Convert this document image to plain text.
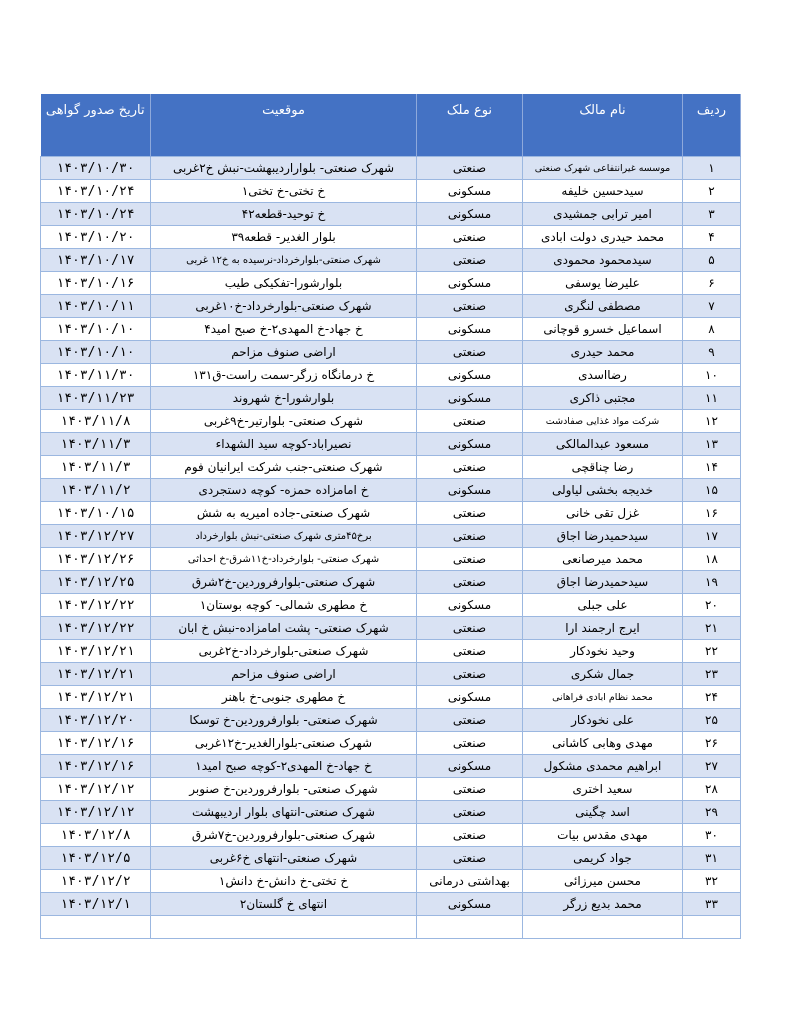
ردیف	نام مالک	نوع ملک	موقعیت	تاریخ صدور گواهی
۱	موسسه غیرانتفاعی شهرک صنعتی	صنعتی	شهرک صنعتی- بلواراردیبهشت-نبش خ۲غربی	۱۴۰۳/۱۰/۳۰
۲	سیدحسین خلیفه	مسکونی	خ تختی-خ تختی۱	۱۴۰۳/۱۰/۲۴
۳	امیر ترابی جمشیدی	مسکونی	خ توحید-قطعه۴۲	۱۴۰۳/۱۰/۲۴
۴	محمد حیدری دولت ابادی	صنعتی	بلوار الغدیر- قطعه۳۹	۱۴۰۳/۱۰/۲۰
۵	سیدمحمود محمودی	صنعتی	شهرک صنعتی-بلوارخرداد-نرسیده به خ۱۲ غربی	۱۴۰۳/۱۰/۱۷
۶	علیرضا یوسفی	مسکونی	بلوارشورا-تفکیکی طیب	۱۴۰۳/۱۰/۱۶
۷	مصطفی لنگری	صنعتی	شهرک صنعتی-بلوارخرداد-خ۱۰غربی	۱۴۰۳/۱۰/۱۱
۸	اسماعیل خسرو قوچانی	مسکونی	خ جهاد-خ المهدی۲-خ صبح امید۴	۱۴۰۳/۱۰/۱۰
۹	محمد حیدری	صنعتی	اراضی صنوف مزاحم	۱۴۰۳/۱۰/۱۰
۱۰	رضااسدی	مسکونی	خ درمانگاه زرگر-سمت راست-ق۱۳۱	۱۴۰۳/۱۱/۳۰
۱۱	مجتبی ذاکری	مسکونی	بلوارشورا-خ شهروند	۱۴۰۳/۱۱/۲۳
۱۲	شرکت مواد غذایی صفادشت	صنعتی	شهرک صنعتی- بلوارتیر-خ۹غربی	۱۴۰۳/۱۱/۸
۱۳	مسعود عبدالمالکی	مسکونی	نصیراباد-کوچه سید الشهداء	۱۴۰۳/۱۱/۳
۱۴	رضا چناقچی	صنعتی	شهرک صنعتی-جنب شرکت ایرانیان فوم	۱۴۰۳/۱۱/۳
۱۵	خدیجه بخشی لیاولی	مسکونی	خ امامزاده حمزه- کوچه دستجردی	۱۴۰۳/۱۱/۲
۱۶	غزل تقی خانی	صنعتی	شهرک صنعتی-جاده امیریه به شش	۱۴۰۳/۱۰/۱۵
۱۷	سیدحمیدرضا اجاق	صنعتی	برخ۴۵متری شهرک صنعتی-نبش بلوارخرداد	۱۴۰۳/۱۲/۲۷
۱۸	محمد میرصانعی	صنعتی	شهرک صنعتی- بلوارخرداد-خ۱۱شرق-خ احداثی	۱۴۰۳/۱۲/۲۶
۱۹	سیدحمیدرضا اجاق	صنعتی	شهرک صنعتی-بلوارفروردین-خ۲شرق	۱۴۰۳/۱۲/۲۵
۲۰	علی جبلی	مسکونی	خ مطهری شمالی- کوچه بوستان۱	۱۴۰۳/۱۲/۲۲
۲۱	ایرج ارجمند ارا	صنعتی	شهرک صنعتی- پشت امامزاده-نبش خ ابان	۱۴۰۳/۱۲/۲۲
۲۲	وحید نخودکار	صنعتی	شهرک صنعتی-بلوارخرداد-خ۲غربی	۱۴۰۳/۱۲/۲۱
۲۳	جمال شکری	صنعتی	اراضی صنوف مزاحم	۱۴۰۳/۱۲/۲۱
۲۴	محمد نظام ابادی فراهانی	مسکونی	خ مطهری جنوبی-خ باهنر	۱۴۰۳/۱۲/۲۱
۲۵	علی نخودکار	صنعتی	شهرک صنعتی- بلوارفروردین-خ توسکا	۱۴۰۳/۱۲/۲۰
۲۶	مهدی وهابی کاشانی	صنعتی	شهرک صنعتی-بلوارالغدیر-خ۱۲غربی	۱۴۰۳/۱۲/۱۶
۲۷	ابراهیم محمدی مشکول	مسکونی	خ جهاد-خ المهدی۲-کوچه صبح امید۱	۱۴۰۳/۱۲/۱۶
۲۸	سعید اختری	صنعتی	شهرک صنعتی- بلوارفروردین-خ صنوبر	۱۴۰۳/۱۲/۱۲
۲۹	اسد چگینی	صنعتی	شهرک صنعتی-انتهای بلوار اردیبهشت	۱۴۰۳/۱۲/۱۲
۳۰	مهدی مقدس بیات	صنعتی	شهرک صنعتی-بلوارفروردین-خ۷شرق	۱۴۰۳/۱۲/۸
۳۱	جواد کریمی	صنعتی	شهرک صنعتی-انتهای خ۶غربی	۱۴۰۳/۱۲/۵
۳۲	محسن میرزائی	بهداشتی درمانی	خ تختی-خ دانش-خ دانش۱	۱۴۰۳/۱۲/۲
۳۳	محمد بدیع زرگر	مسکونی	انتهای خ گلستان۲	۱۴۰۳/۱۲/۱
